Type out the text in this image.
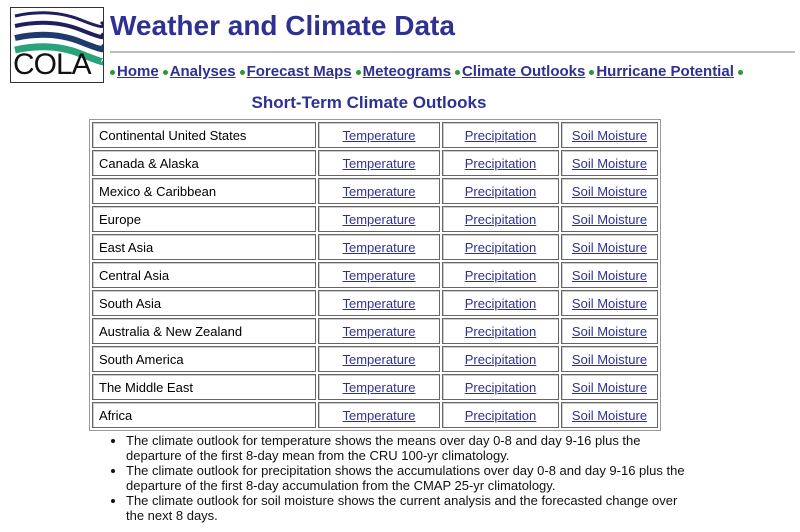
COLA
Weather and Climate Data
Home Analyses Forecast Maps Meteograms Climate Outlooks Hurricane Potential
Short-Term Climate Outlooks
Continental United States	Temperature	Precipitation	Soil Moisture
Canada & Alaska	Temperature	Precipitation	Soil Moisture
Mexico & Caribbean	Temperature	Precipitation	Soil Moisture
Europe	Temperature	Precipitation	Soil Moisture
East Asia	Temperature	Precipitation	Soil Moisture
Central Asia	Temperature	Precipitation	Soil Moisture
South Asia	Temperature	Precipitation	Soil Moisture
Australia & New Zealand	Temperature	Precipitation	Soil Moisture
South America	Temperature	Precipitation	Soil Moisture
The Middle East	Temperature	Precipitation	Soil Moisture
Africa	Temperature	Precipitation	Soil Moisture
• The climate outlook for temperature shows the means over day 0-8 and day 9-16 plus the departure of the first 8-day mean from the CRU 100-yr climatology.
• The climate outlook for precipitation shows the accumulations over day 0-8 and day 9-16 plus the departure of the first 8-day accumulation from the CMAP 25-yr climatology.
• The climate outlook for soil moisture shows the current analysis and the forecasted change over the next 8 days.
